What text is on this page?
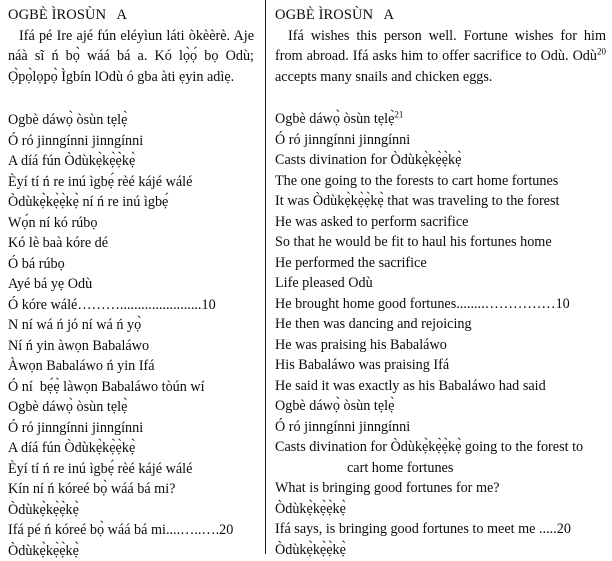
OGBÈ ÌROSÙN   A

Ifá pé Ire ajé fún eléyìun láti òkèèrè. Aje náà sĩ ń bọ̀ wáá bá a. Kó lọ̀ọ́ bọ Odù; Ọ̀pọ̀lọpọ̀ Ìgbín lOdù ó gba àti ẹyin adìẹ.

Ogbè dáwọ̀ òsùn tẹlẹ̀
Ó ró jinngínni jinngínni
A díá fún Òdùkẹ̀kẹ̀ẹ̀kẹ̀
Èyí tí ń re inú ìgbẹ́ rèé kájé wálé
Òdùkẹ̀kẹ̀ẹ̀kẹ̀ ní ń re inú ìgbẹ́
Wọ́n ní kó rúbọ
Kó lè baà kóre dé
Ó bá rúbọ
Ayé bá yẹ Odù
Ó kóre wálé……….......................10
N ní wá ń jó ní wá ń yọ̀
Ní ń yin àwọn Babaláwo
Àwọn Babaláwo ń yin Ifá
Ó ní  bẹ́ẹ̀ làwọn Babaláwo tòún wí
Ogbè dáwọ̀ òsùn tẹlẹ̀
Ó ró jinngínni jinngínni
A díá fún Òdùkẹ̀kẹ̀ẹ̀kẹ̀
Èyí tí ń re inú ìgbẹ́ rèé kájé wálé
Kín ní ń kóreé bọ̀ wáá bá mi?
Òdùkẹ̀kẹ̀ẹ̀kẹ̀
Ifá pé ń kóreé bọ̀ wáá bá mi....…..….20
Òdùkẹ̀kẹ̀ẹ̀kẹ̀
OGBÈ ÌROSÙN   A

Ifá wishes this person well. Fortune wishes for him from abroad. Ifá asks him to offer sacrifice to Odù. Odù$^{20}$ accepts many snails and chicken eggs.

Ogbè dáwọ̀ òsùn tẹlẹ̀$^{21}$
Ó ró jinngínni jinngínni
Casts divination for Òdùkẹ̀kẹ̀ẹ̀kẹ̀
The one going to the forests to cart home fortunes
It was Òdùkẹ̀kẹ̀ẹ̀kẹ̀ that was traveling to the forest
He was asked to perform sacrifice
So that he would be fit to haul his fortunes home
He performed the sacrifice
Life pleased Odù
He brought home good fortunes........……………10
He then was dancing and rejoicing
He was praising his Babaláwo
His Babaláwo was praising Ifá
He said it was exactly as his Babaláwo had said
Ogbè dáwọ̀ òsùn tẹlẹ̀
Ó ró jinngínni jinngínni
Casts divination for Òdùkẹ̀kẹ̀ẹ̀kẹ̀ going to the forest to
cart home fortunes
What is bringing good fortunes for me?
Òdùkẹ̀kẹ̀ẹ̀kẹ̀
Ifá says, is bringing good fortunes to meet me .....20
Òdùkẹ̀kẹ̀ẹ̀kẹ̀
